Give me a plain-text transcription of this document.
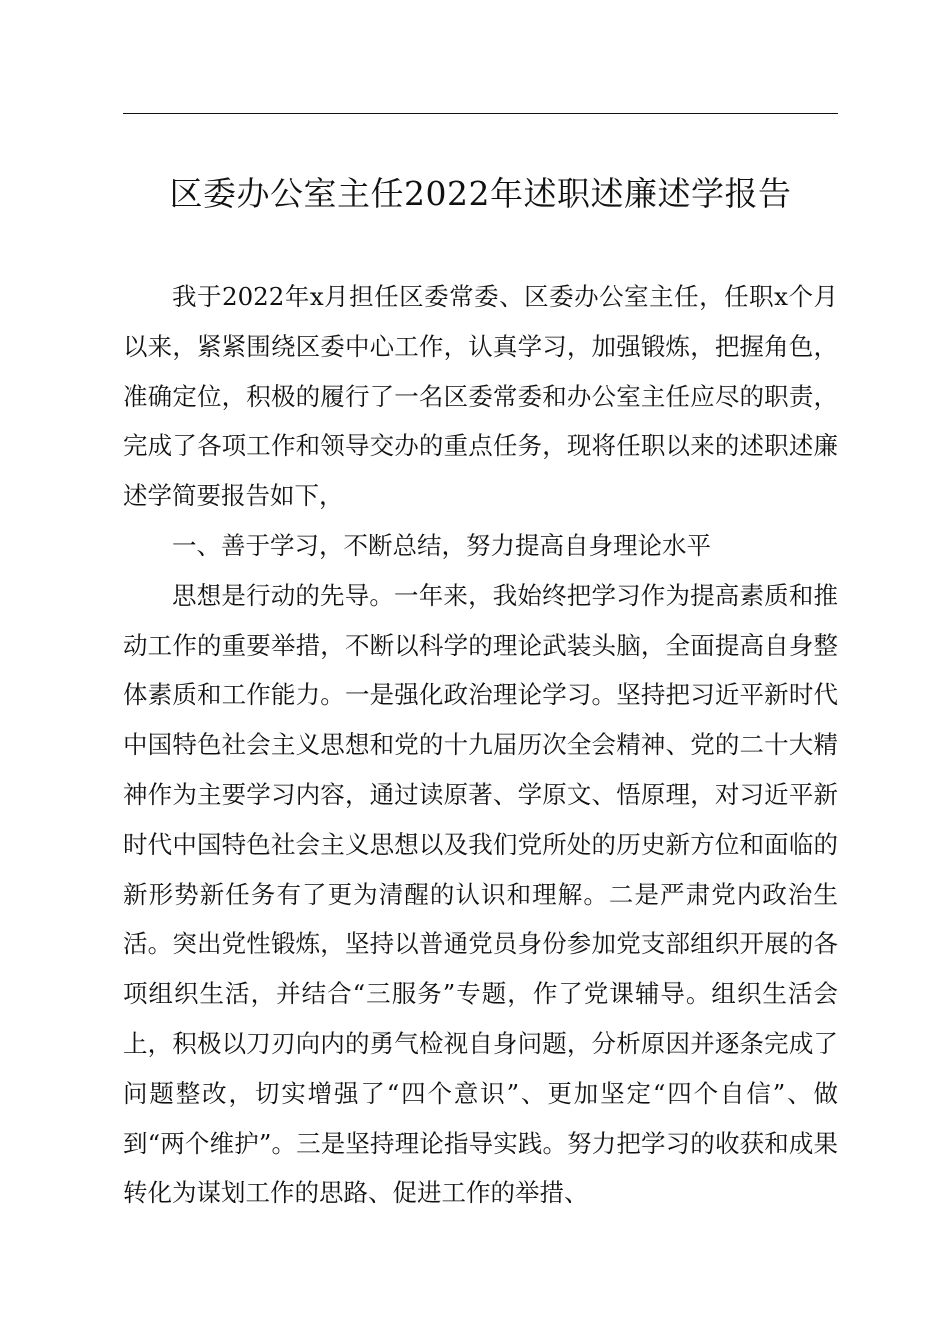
区委办公室主任2022年述职述廉述学报告

我于2022年x月担任区委常委、区委办公室主任，任职x个月以来，紧紧围绕区委中心工作，认真学习，加强锻炼，把握角色，准确定位，积极的履行了一名区委常委和办公室主任应尽的职责，完成了各项工作和领导交办的重点任务，现将任职以来的述职述廉述学简要报告如下，

一、善于学习，不断总结，努力提高自身理论水平

思想是行动的先导。一年来，我始终把学习作为提高素质和推动工作的重要举措，不断以科学的理论武装头脑，全面提高自身整体素质和工作能力。一是强化政治理论学习。坚持把习近平新时代中国特色社会主义思想和党的十九届历次全会精神、党的二十大精神作为主要学习内容，通过读原著、学原文、悟原理，对习近平新时代中国特色社会主义思想以及我们党所处的历史新方位和面临的新形势新任务有了更为清醒的认识和理解。二是严肃党内政治生活。突出党性锻炼，坚持以普通党员身份参加党支部组织开展的各项组织生活，并结合“三服务”专题，作了党课辅导。组织生活会上，积极以刀刃向内的勇气检视自身问题，分析原因并逐条完成了问题整改，切实增强了“四个意识”、更加坚定“四个自信”、做到“两个维护”。三是坚持理论指导实践。努力把学习的收获和成果转化为谋划工作的思路、促进工作的举措、
